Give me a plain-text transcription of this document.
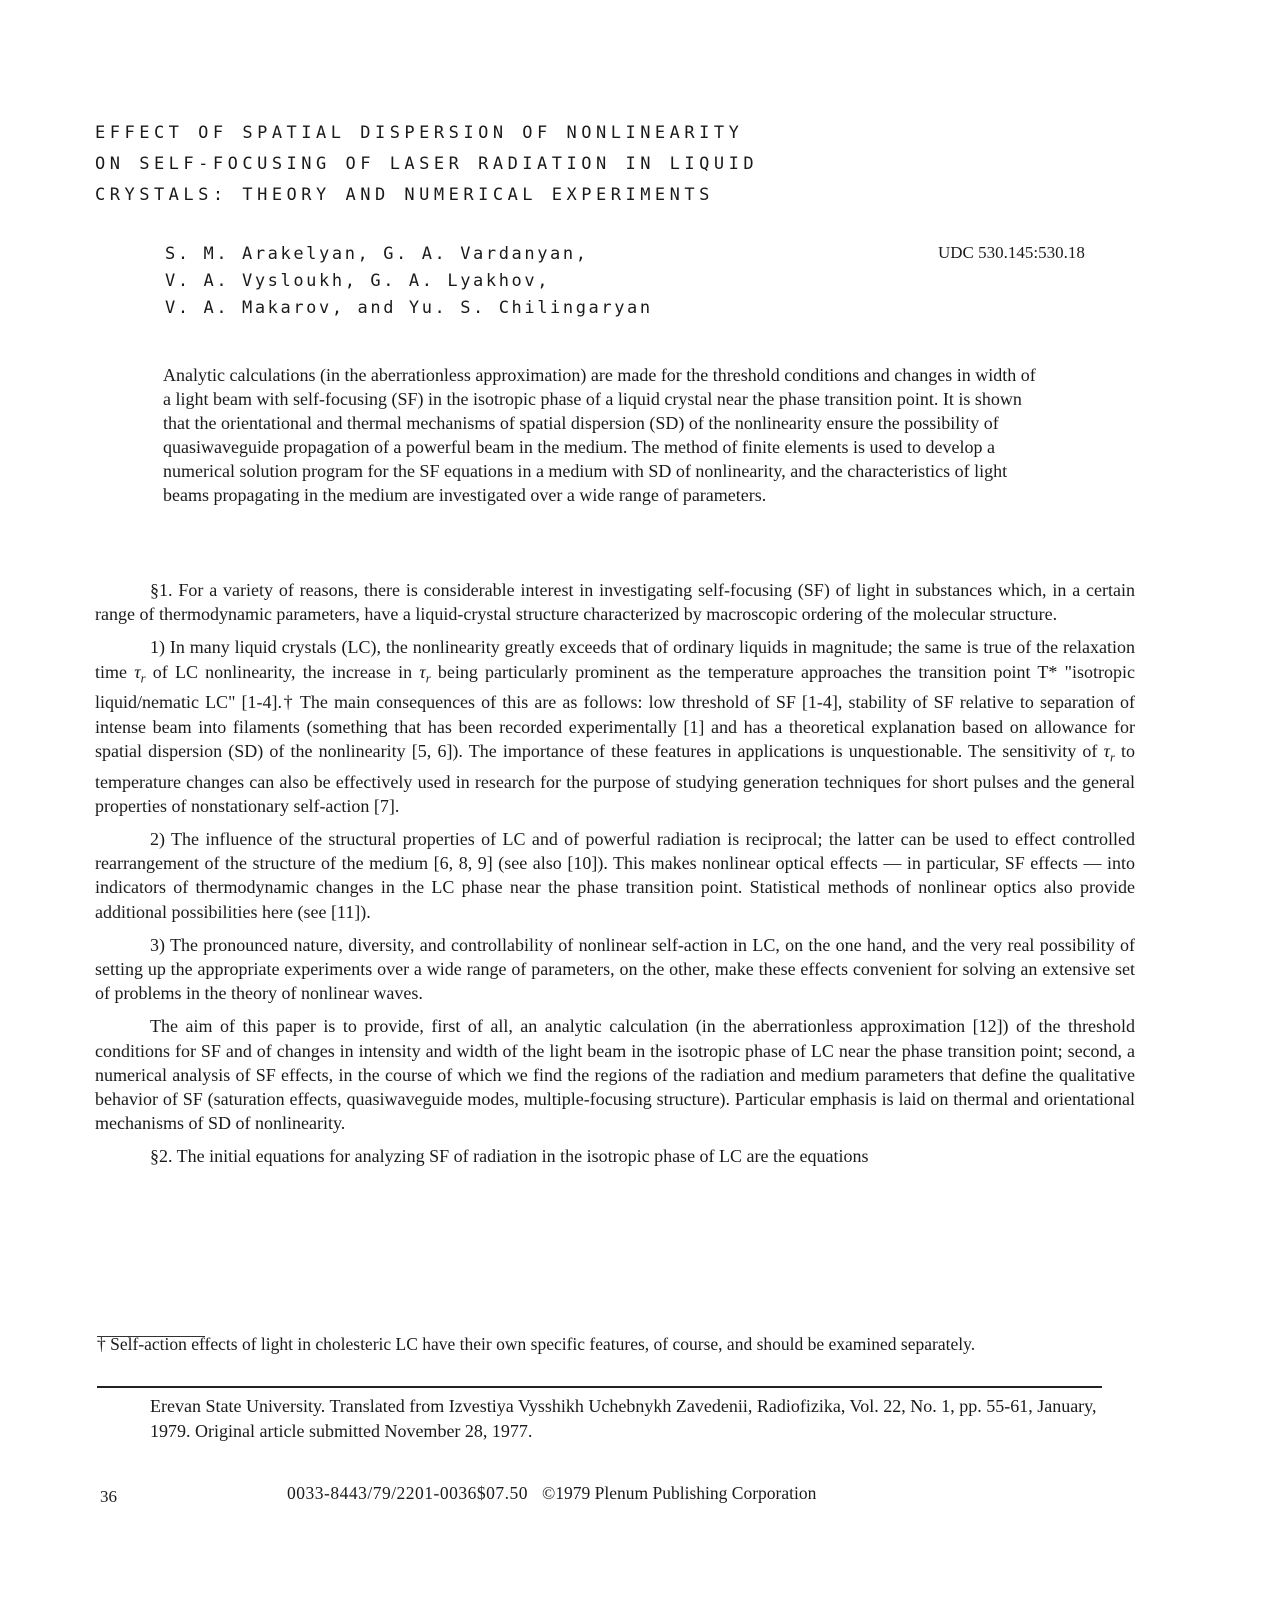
EFFECT OF SPATIAL DISPERSION OF NONLINEARITY
ON SELF-FOCUSING OF LASER RADIATION IN LIQUID
CRYSTALS: THEORY AND NUMERICAL EXPERIMENTS
S. M. Arakelyan, G. A. Vardanyan,
V. A. Vysloukh, G. A. Lyakhov,
V. A. Makarov, and Yu. S. Chilingaryan
UDC 530.145:530.18

Analytic calculations (in the aberrationless approximation) are made for the threshold conditions and changes in width of a light beam with self-focusing (SF) in the isotropic phase of a liquid crystal near the phase transition point. It is shown that the orientational and thermal mechanisms of spatial dispersion (SD) of the nonlinearity ensure the possibility of quasiwaveguide propagation of a powerful beam in the medium. The method of finite elements is used to develop a numerical solution program for the SF equations in a medium with SD of nonlinearity, and the characteristics of light beams propagating in the medium are investigated over a wide range of parameters.

§1. For a variety of reasons, there is considerable interest in investigating self-focusing (SF) of light in substances which, in a certain range of thermodynamic parameters, have a liquid-crystal structure characterized by macroscopic ordering of the molecular structure.

1) In many liquid crystals (LC), the nonlinearity greatly exceeds that of ordinary liquids in magnitude; the same is true of the relaxation time $\tau_r$ of LC nonlinearity, the increase in $\tau_r$ being particularly prominent as the temperature approaches the transition point T* "isotropic liquid/nematic LC" [1-4].† The main consequences of this are as follows: low threshold of SF [1-4], stability of SF relative to separation of intense beam into filaments (something that has been recorded experimentally [1] and has a theoretical explanation based on allowance for spatial dispersion (SD) of the nonlinearity [5, 6]). The importance of these features in applications is unquestionable. The sensitivity of $\tau_r$ to temperature changes can also be effectively used in research for the purpose of studying generation techniques for short pulses and the general properties of nonstationary self-action [7].

2) The influence of the structural properties of LC and of powerful radiation is reciprocal; the latter can be used to effect controlled rearrangement of the structure of the medium [6, 8, 9] (see also [10]). This makes nonlinear optical effects — in particular, SF effects — into indicators of thermodynamic changes in the LC phase near the phase transition point. Statistical methods of nonlinear optics also provide additional possibilities here (see [11]).

3) The pronounced nature, diversity, and controllability of nonlinear self-action in LC, on the one hand, and the very real possibility of setting up the appropriate experiments over a wide range of parameters, on the other, make these effects convenient for solving an extensive set of problems in the theory of nonlinear waves.

The aim of this paper is to provide, first of all, an analytic calculation (in the aberrationless approximation [12]) of the threshold conditions for SF and of changes in intensity and width of the light beam in the isotropic phase of LC near the phase transition point; second, a numerical analysis of SF effects, in the course of which we find the regions of the radiation and medium parameters that define the qualitative behavior of SF (saturation effects, quasiwaveguide modes, multiple-focusing structure). Particular emphasis is laid on thermal and orientational mechanisms of SD of nonlinearity.

§2. The initial equations for analyzing SF of radiation in the isotropic phase of LC are the equations

† Self-action effects of light in cholesteric LC have their own specific features, of course, and should be examined separately.
Erevan State University. Translated from Izvestiya Vysshikh Uchebnykh Zavedenii, Radiofizika, Vol. 22, No. 1, pp. 55-61, January, 1979. Original article submitted November 28, 1977.
36	0033-8443/79/2201-0036$07.50 ©1979 Plenum Publishing Corporation
